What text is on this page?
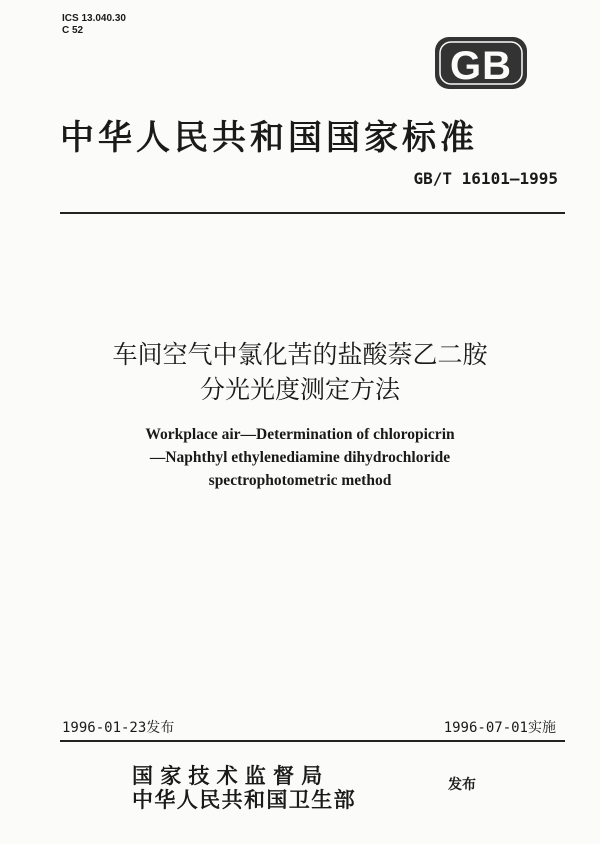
ICS 13.040.30
C 52
GB
中华人民共和国国家标准
GB/T 16101—1995
车间空气中氯化苦的盐酸萘乙二胺
分光光度测定方法
Workplace air—Determination of chloropicrin
—Naphthyl ethylenediamine dihydrochloride
spectrophotometric method
1996-01-23发布	1996-07-01实施
国家技术监督局
中华人民共和国卫生部
发布
